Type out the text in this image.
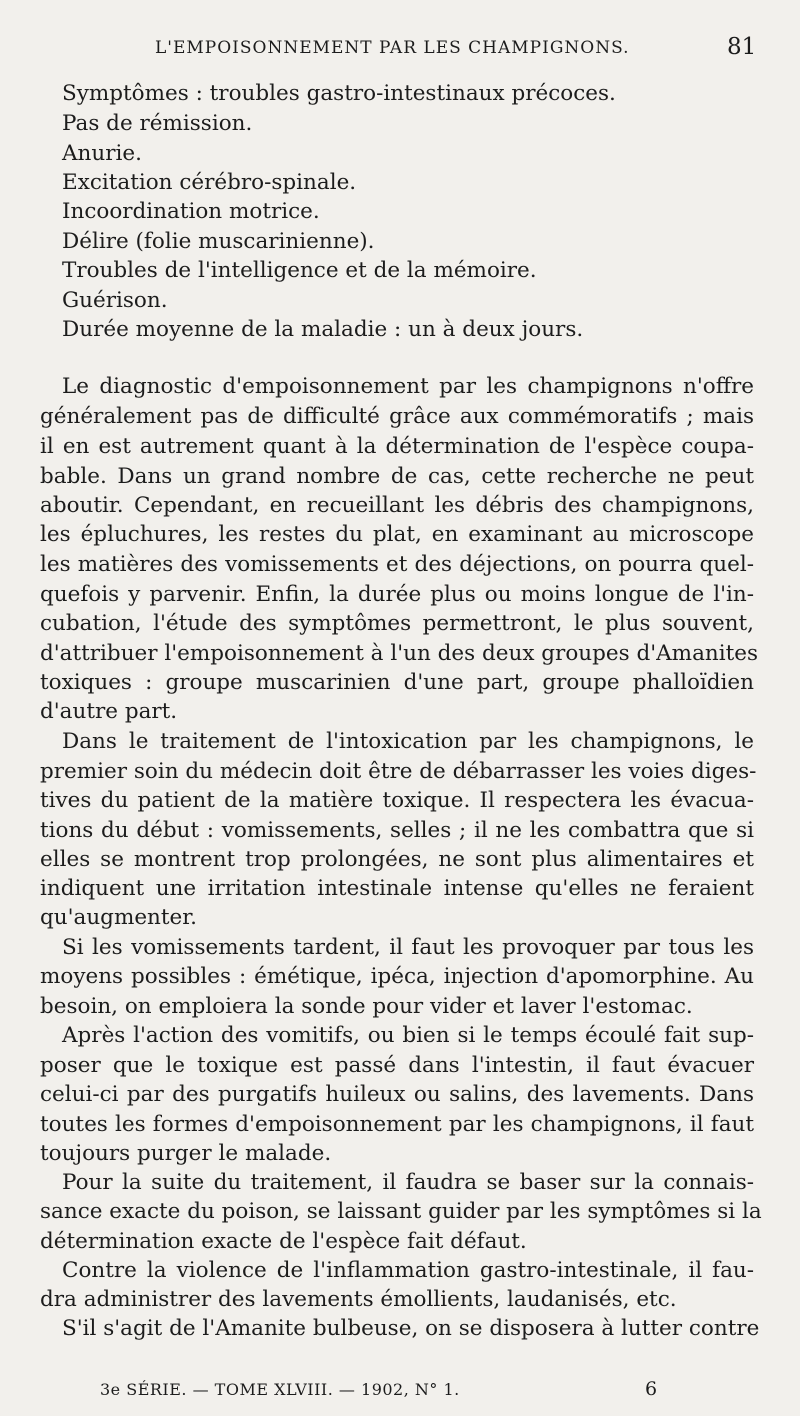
L'EMPOISONNEMENT PAR LES CHAMPIGNONS.	81
Symptômes : troubles gastro-intestinaux précoces.
Pas de rémission.
Anurie.
Excitation cérébro-spinale.
Incoordination motrice.
Délire (folie muscarinienne).
Troubles de l'intelligence et de la mémoire.
Guérison.
Durée moyenne de la maladie : un à deux jours.
Le diagnostic d'empoisonnement par les champignons n'offre
généralement pas de difficulté grâce aux commémoratifs ; mais
il en est autrement quant à la détermination de l'espèce coupa-
bable. Dans un grand nombre de cas, cette recherche ne peut
aboutir. Cependant, en recueillant les débris des champignons,
les épluchures, les restes du plat, en examinant au microscope
les matières des vomissements et des déjections, on pourra quel-
quefois y parvenir. Enfin, la durée plus ou moins longue de l'in-
cubation, l'étude des symptômes permettront, le plus souvent,
d'attribuer l'empoisonnement à l'un des deux groupes d'Amanites
toxiques : groupe muscarinien d'une part, groupe phalloïdien
d'autre part.
Dans le traitement de l'intoxication par les champignons, le
premier soin du médecin doit être de débarrasser les voies diges-
tives du patient de la matière toxique. Il respectera les évacua-
tions du début : vomissements, selles ; il ne les combattra que si
elles se montrent trop prolongées, ne sont plus alimentaires et
indiquent une irritation intestinale intense qu'elles ne feraient
qu'augmenter.
Si les vomissements tardent, il faut les provoquer par tous les
moyens possibles : émétique, ipéca, injection d'apomorphine. Au
besoin, on emploiera la sonde pour vider et laver l'estomac.
Après l'action des vomitifs, ou bien si le temps écoulé fait sup-
poser que le toxique est passé dans l'intestin, il faut évacuer
celui-ci par des purgatifs huileux ou salins, des lavements. Dans
toutes les formes d'empoisonnement par les champignons, il faut
toujours purger le malade.
Pour la suite du traitement, il faudra se baser sur la connais-
sance exacte du poison, se laissant guider par les symptômes si la
détermination exacte de l'espèce fait défaut.
Contre la violence de l'inflammation gastro-intestinale, il fau-
dra administrer des lavements émollients, laudanisés, etc.
S'il s'agit de l'Amanite bulbeuse, on se disposera à lutter contre
3e SÉRIE. — TOME XLVIII. — 1902, N° 1.	6
